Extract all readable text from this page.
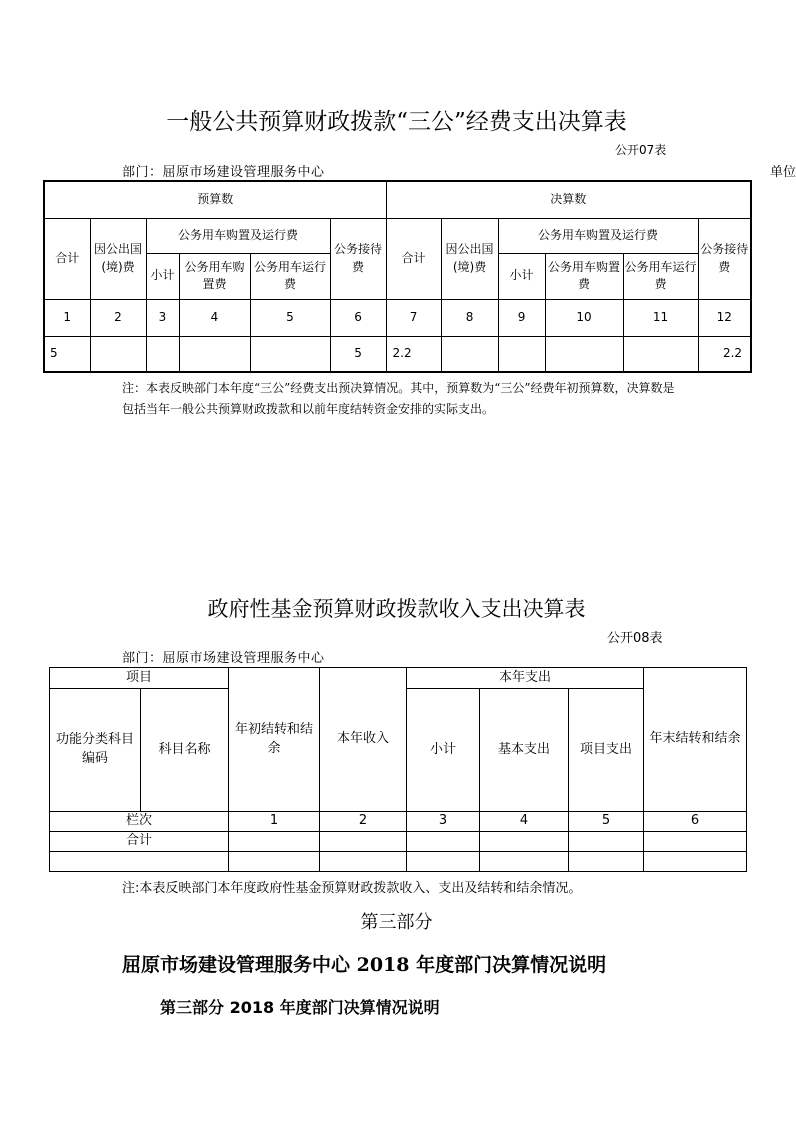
一般公共预算财政拨款“三公”经费支出决算表
公开07表
部门：屈原市场建设管理服务中心	单位
预算数						决算数					
合计	因公出国(境)费	公务用车购置及运行费			公务接待费	合计	因公出国(境)费	公务用车购置及运行费			公务接待费
		小计	公务用车购置费	公务用车运行费				小计	公务用车购置费	公务用车运行费	
1	2	3	4	5	6	7	8	9	10	11	12
5					5	2.2					2.2
注：本表反映部门本年度“三公”经费支出预决算情况。其中，预算数为“三公”经费年初预算数，决算数是包括当年一般公共预算财政拨款和以前年度结转资金安排的实际支出。
政府性基金预算财政拨款收入支出决算表
公开08表
部门：屈原市场建设管理服务中心
项目		年初结转和结余	本年收入	本年支出			年末结转和结余
功能分类科目编码	科目名称			小计	基本支出	项目支出	
栏次		1	2	3	4	5	6
合计							

注:本表反映部门本年度政府性基金预算财政拨款收入、支出及结转和结余情况。
第三部分
屈原市场建设管理服务中心 2018 年度部门决算情况说明
第三部分 2018 年度部门决算情况说明
